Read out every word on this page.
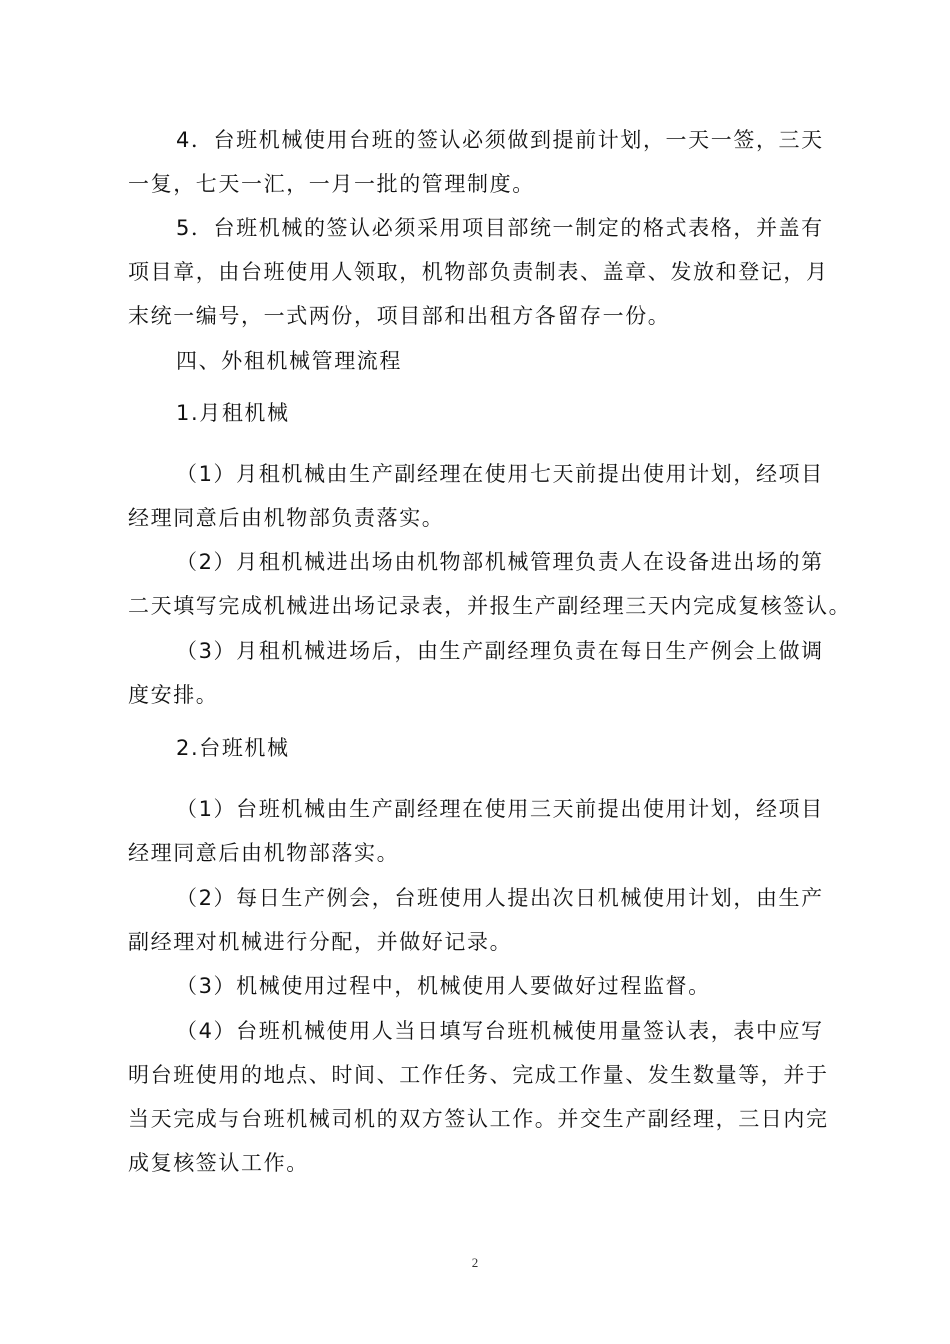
4．台班机械使用台班的签认必须做到提前计划，一天一签，三天
一复，七天一汇，一月一批的管理制度。
5．台班机械的签认必须采用项目部统一制定的格式表格，并盖有
项目章，由台班使用人领取，机物部负责制表、盖章、发放和登记，月
末统一编号，一式两份，项目部和出租方各留存一份。
四、外租机械管理流程
1.月租机械
（1）月租机械由生产副经理在使用七天前提出使用计划，经项目
经理同意后由机物部负责落实。
（2）月租机械进出场由机物部机械管理负责人在设备进出场的第
二天填写完成机械进出场记录表，并报生产副经理三天内完成复核签认。
（3）月租机械进场后，由生产副经理负责在每日生产例会上做调
度安排。
2.台班机械
（1）台班机械由生产副经理在使用三天前提出使用计划，经项目
经理同意后由机物部落实。
（2）每日生产例会，台班使用人提出次日机械使用计划，由生产
副经理对机械进行分配，并做好记录。
（3）机械使用过程中，机械使用人要做好过程监督。
（4）台班机械使用人当日填写台班机械使用量签认表，表中应写
明台班使用的地点、时间、工作任务、完成工作量、发生数量等，并于
当天完成与台班机械司机的双方签认工作。并交生产副经理，三日内完
成复核签认工作。
2
